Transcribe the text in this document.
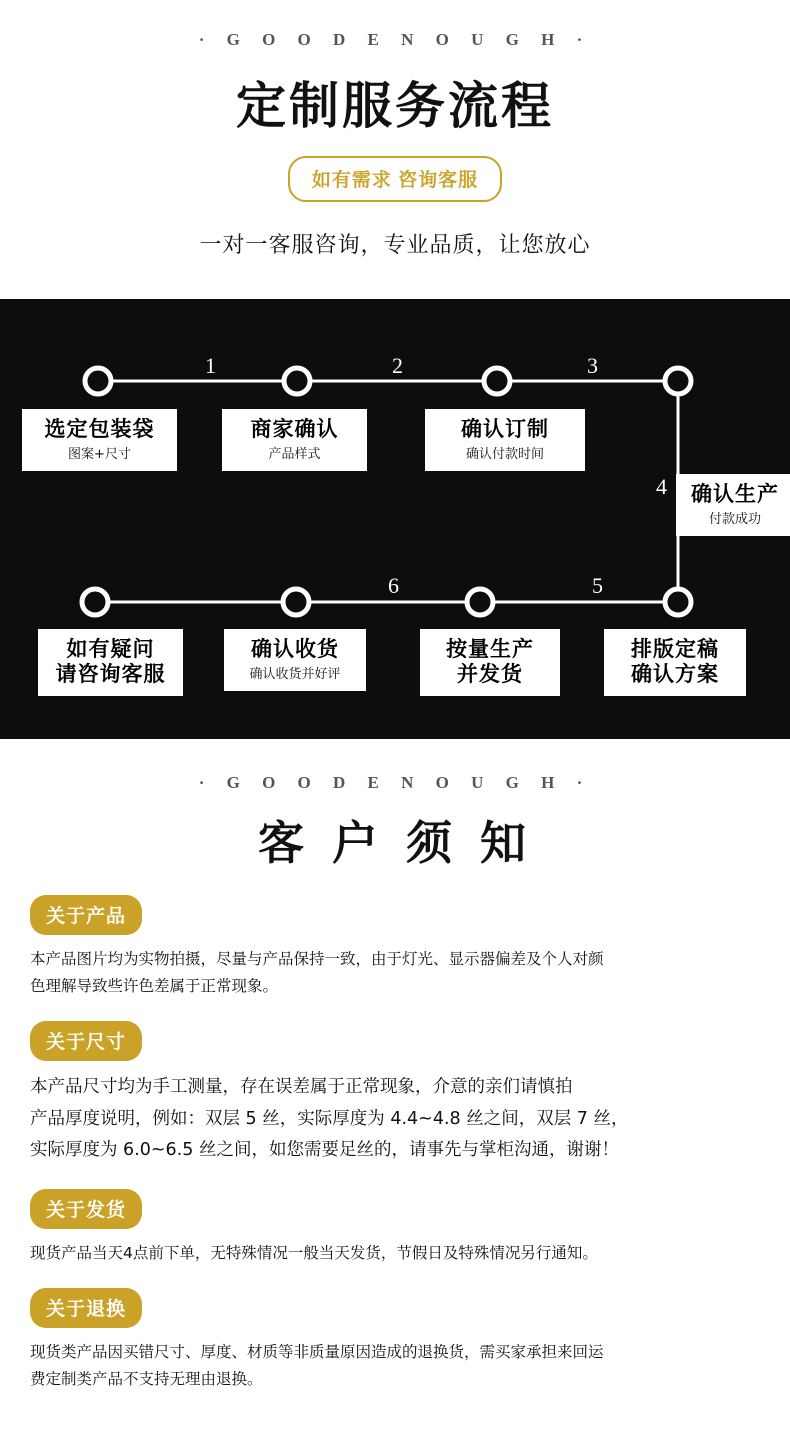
· G O O D E N O U G H ·
定制服务流程
如有需求 咨询客服
一对一客服咨询，专业品质，让您放心
1	2	3
4
5
6
选定包装袋
图案+尺寸
商家确认
产品样式
确认订制
确认付款时间
确认生产
付款成功
如有疑问
请咨询客服
确认收货
确认收货并好评
按量生产
并发货
排版定稿
确认方案
· G O O D E N O U G H ·
客 户 须 知
关于产品
本产品图片均为实物拍摄，尽量与产品保持一致，由于灯光、显示器偏差及个人对颜
色理解导致些许色差属于正常现象。
关于尺寸
本产品尺寸均为手工测量，存在误差属于正常现象，介意的亲们请慎拍
产品厚度说明，例如：双层 5 丝，实际厚度为 4.4~4.8 丝之间，双层 7 丝，
实际厚度为 6.0~6.5 丝之间，如您需要足丝的，请事先与掌柜沟通，谢谢！
关于发货
现货产品当天4点前下单，无特殊情况一般当天发货，节假日及特殊情况另行通知。
关于退换
现货类产品因买错尺寸、厚度、材质等非质量原因造成的退换货，需买家承担来回运
费定制类产品不支持无理由退换。
